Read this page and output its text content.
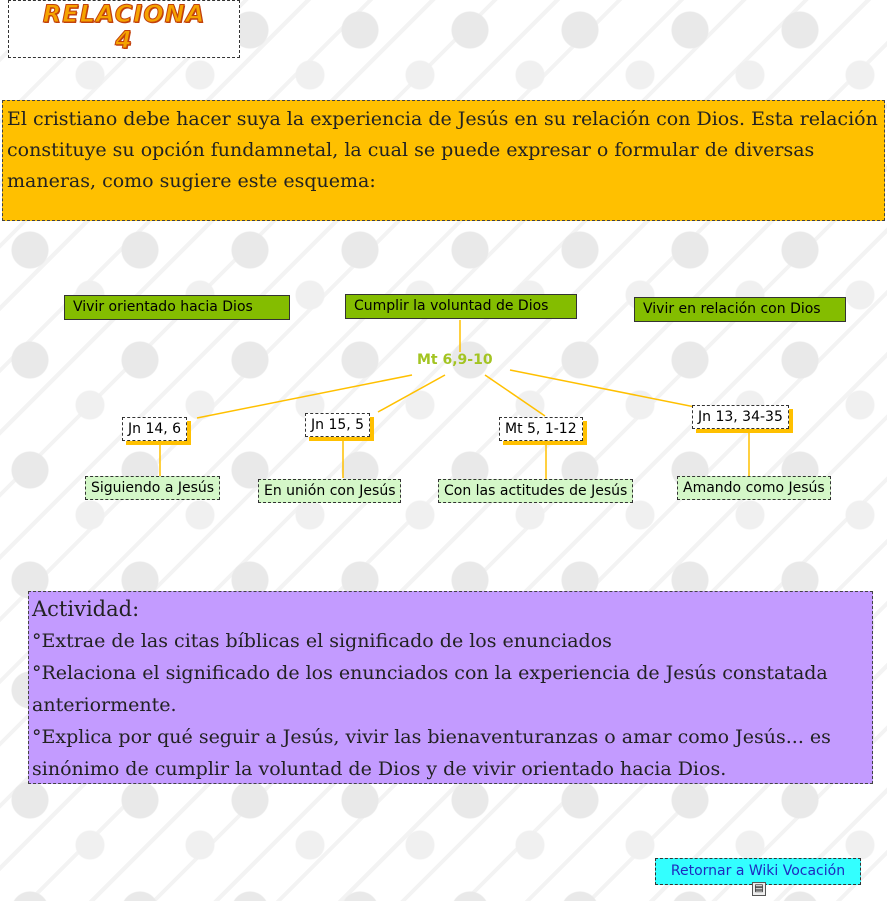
RELACIONA
4
El cristiano debe hacer suya la experiencia de Jesús en su relación con Dios. Esta relación constituye su opción fundamnetal, la cual se puede expresar o formular de diversas maneras, como sugiere este esquema:
Vivir orientado hacia Dios	Cumplir la voluntad de Dios	Vivir en relación con Dios
Mt 6,9-10
Jn 14, 6	Jn 15, 5	Mt 5, 1-12
Jn 13, 34-35
Siguiendo a Jesús	En unión con Jesús	Con las actitudes de Jesús	Amando como Jesús
Actividad:
°Extrae de las citas bíblicas el significado de los enunciados
°Relaciona el significado de los enunciados con la experiencia de Jesús constatada anteriormente.
°Explica por qué seguir a Jesús, vivir las bienaventuranzas o amar como Jesús... es sinónimo de cumplir la voluntad de Dios y de vivir orientado hacia Dios.
Retornar a Wiki Vocación
▤
